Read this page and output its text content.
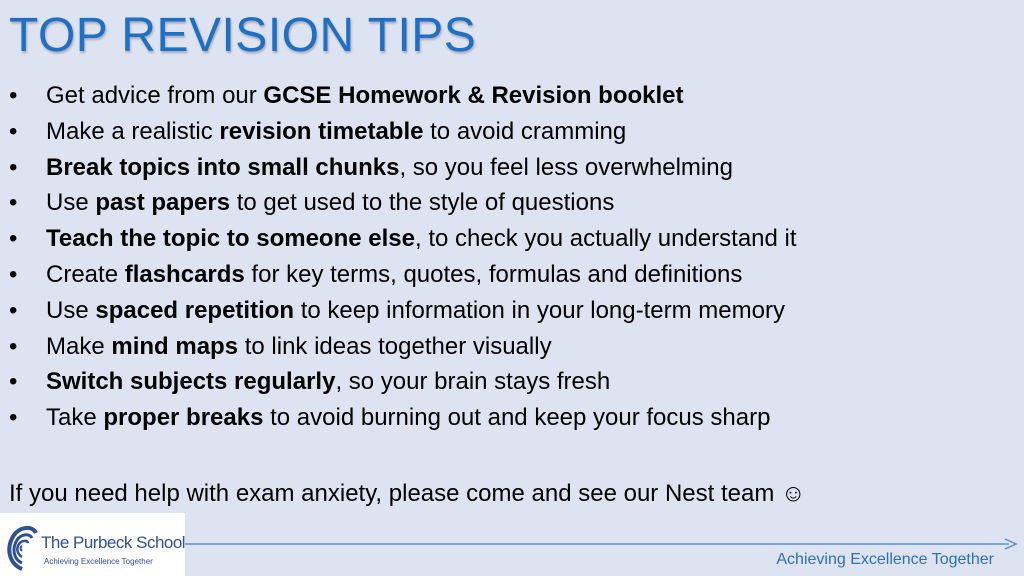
TOP REVISION TIPS
•	Get advice from our GCSE Homework & Revision booklet
•	Make a realistic revision timetable to avoid cramming
•	Break topics into small chunks, so you feel less overwhelming
•	Use past papers to get used to the style of questions
•	Teach the topic to someone else, to check you actually understand it
•	Create flashcards for key terms, quotes, formulas and definitions
•	Use spaced repetition to keep information in your long-term memory
•	Make mind maps to link ideas together visually
•	Switch subjects regularly, so your brain stays fresh
•	Take proper breaks to avoid burning out and keep your focus sharp
If you need help with exam anxiety, please come and see our Nest team ☺
The Purbeck School
Achieving Excellence Together	Achieving Excellence Together
